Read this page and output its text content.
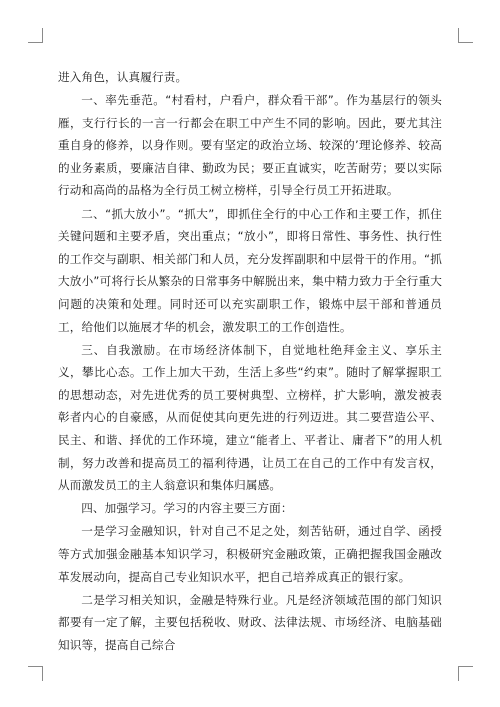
进入角色，认真履行责。

一、率先垂范。“村看村，户看户，群众看干部”。作为基层行的领头雁，支行行长的一言一行都会在职工中产生不同的影响。因此，要尤其注重自身的修养，以身作则。要有坚定的政治立场、较深的’理论修养、较高的业务素质，要廉洁自律、勤政为民；要正直诚实，吃苦耐劳；要以实际行动和高尚的品格为全行员工树立榜样，引导全行员工开拓进取。

二、“抓大放小”。“抓大”，即抓住全行的中心工作和主要工作，抓住关键问题和主要矛盾，突出重点；“放小”，即将日常性、事务性、执行性的工作交与副职、相关部门和人员，充分发挥副职和中层骨干的作用。“抓大放小”可将行长从繁杂的日常事务中解脱出来，集中精力致力于全行重大问题的决策和处理。同时还可以充实副职工作，锻炼中层干部和普通员工，给他们以施展才华的机会，激发职工的工作创造性。

三、自我激励。在市场经济体制下，自觉地杜绝拜金主义、享乐主义，攀比心态。工作上加大干劲，生活上多些“约束”。随时了解掌握职工的思想动态，对先进优秀的员工要树典型、立榜样，扩大影响，激发被表彰者内心的自豪感，从而促使其向更先进的行列迈进。其二要营造公平、民主、和谐、择优的工作环境，建立“能者上、平者让、庸者下”的用人机制，努力改善和提高员工的福利待遇，让员工在自己的工作中有发言权，从而激发员工的主人翁意识和集体归属感。

四、加强学习。学习的内容主要三方面：

一是学习金融知识，针对自己不足之处，刻苦钻研，通过自学、函授等方式加强金融基本知识学习，积极研究金融政策，正确把握我国金融改革发展动向，提高自己专业知识水平，把自己培养成真正的银行家。

二是学习相关知识，金融是特殊行业。凡是经济领域范围的部门知识都要有一定了解，主要包括税收、财政、法律法规、市场经济、电脑基础知识等，提高自己综合
